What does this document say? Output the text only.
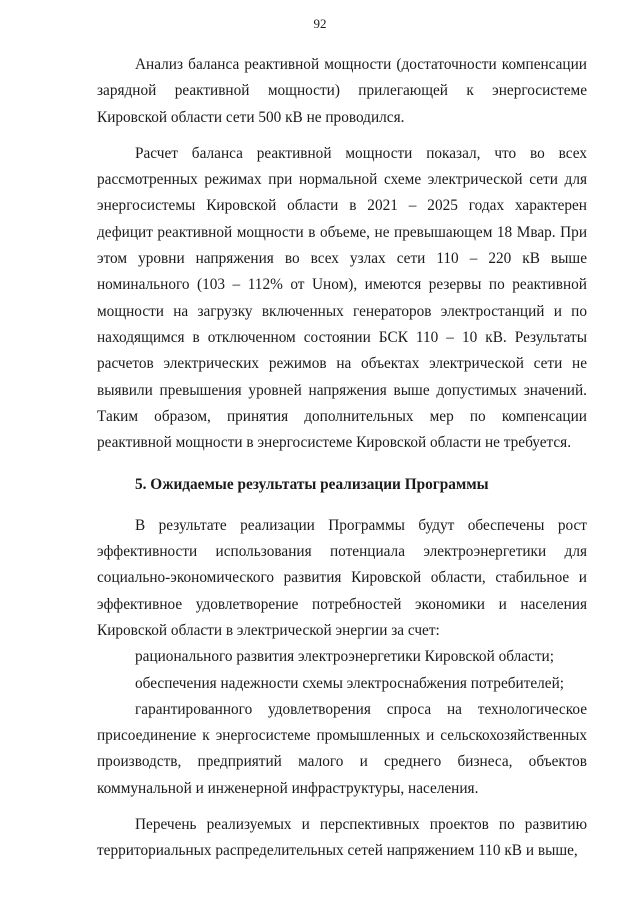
92

Анализ баланса реактивной мощности (достаточности компенсации зарядной реактивной мощности) прилегающей к энергосистеме Кировской области сети 500 кВ не проводился.

Расчет баланса реактивной мощности показал, что во всех рассмотренных режимах при нормальной схеме электрической сети для энергосистемы Кировской области в 2021 – 2025 годах характерен дефицит реактивной мощности в объеме, не превышающем 18 Мвар. При этом уровни напряжения во всех узлах сети 110 – 220 кВ выше номинального (103 – 112% от Uном), имеются резервы по реактивной мощности на загрузку включенных генераторов электростанций и по находящимся в отключенном состоянии БСК 110 – 10 кВ. Результаты расчетов электрических режимов на объектах электрической сети не выявили превышения уровней напряжения выше допустимых значений. Таким образом, принятия дополнительных мер по компенсации реактивной мощности в энергосистеме Кировской области не требуется.

5. Ожидаемые результаты реализации Программы

В результате реализации Программы будут обеспечены рост эффективности использования потенциала электроэнергетики для социально-экономического развития Кировской области, стабильное и эффективное удовлетворение потребностей экономики и населения Кировской области в электрической энергии за счет:

рационального развития электроэнергетики Кировской области;

обеспечения надежности схемы электроснабжения потребителей;

гарантированного удовлетворения спроса на технологическое присоединение к энергосистеме промышленных и сельскохозяйственных производств, предприятий малого и среднего бизнеса, объектов коммунальной и инженерной инфраструктуры, населения.

Перечень реализуемых и перспективных проектов по развитию территориальных распределительных сетей напряжением 110 кВ и выше,
